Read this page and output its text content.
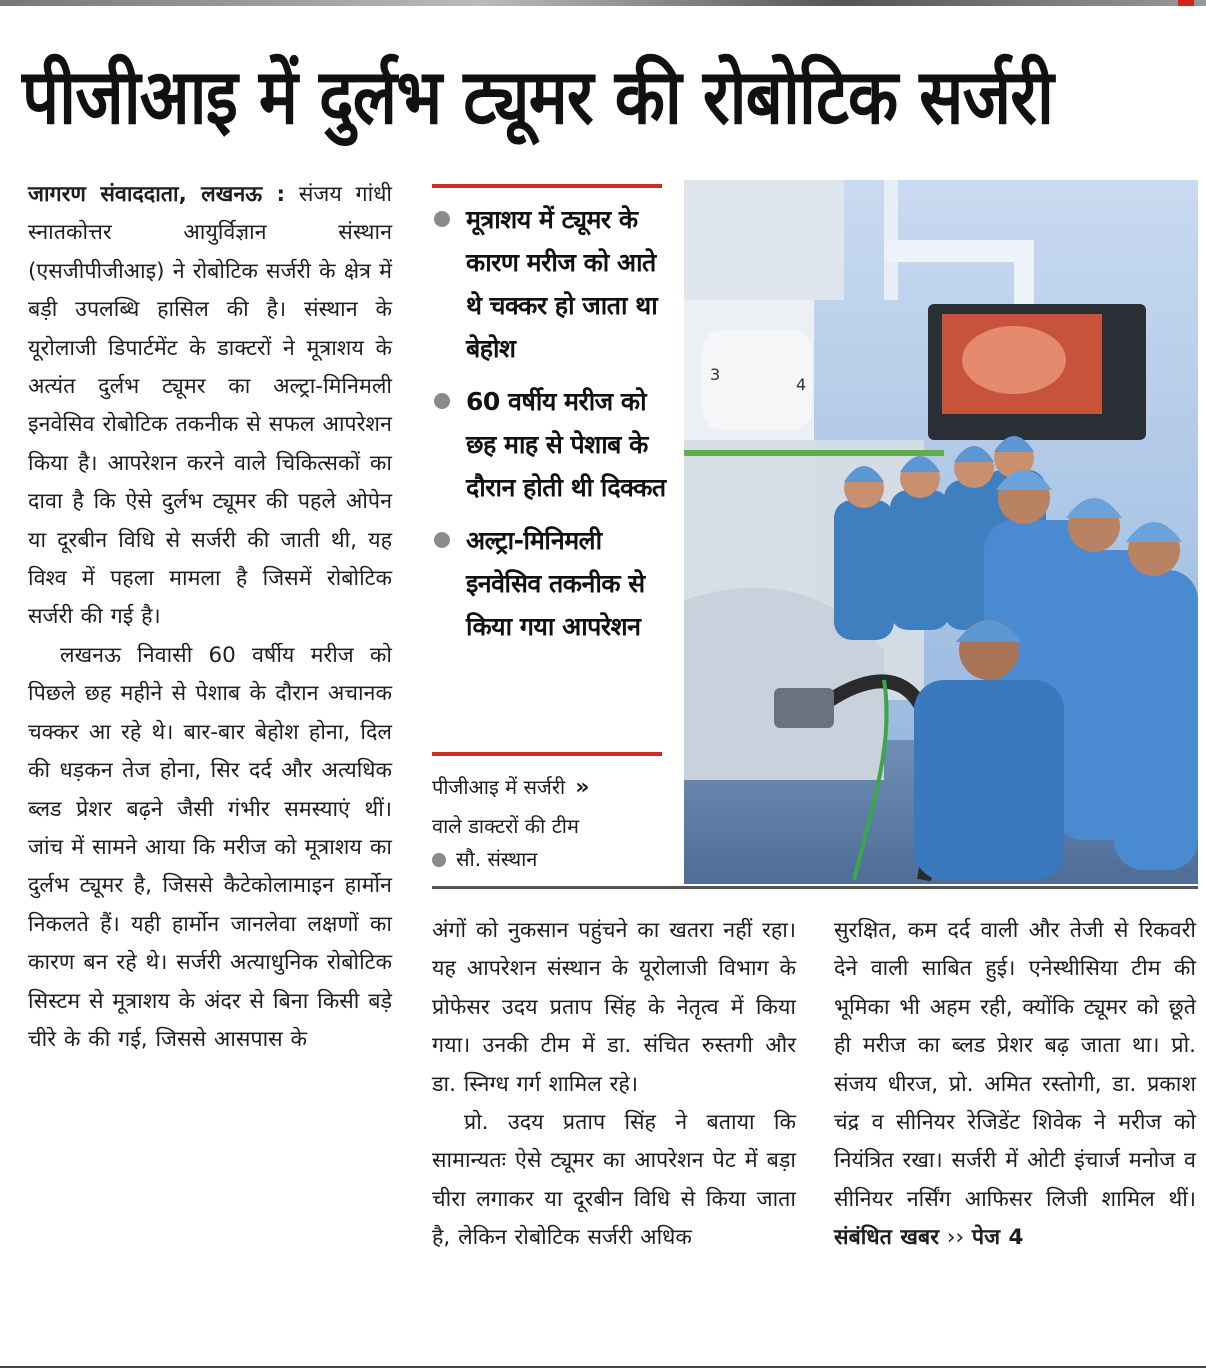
पीजीआइ में दुर्लभ ट्यूमर की रोबोटिक सर्जरी

जागरण संवाददाता, लखनऊ : संजय गांधी स्नातकोत्तर आयुर्विज्ञान संस्थान (एसजीपीजीआइ) ने रोबोटिक सर्जरी के क्षेत्र में बड़ी उपलब्धि हासिल की है। संस्थान के यूरोलाजी डिपार्टमेंट के डाक्टरों ने मूत्राशय के अत्यंत दुर्लभ ट्यूमर का अल्ट्रा-मिनिमली इनवेसिव रोबोटिक तकनीक से सफल आपरेशन किया है। आपरेशन करने वाले चिकित्सकों का दावा है कि ऐसे दुर्लभ ट्यूमर की पहले ओपेन या दूरबीन विधि से सर्जरी की जाती थी, यह विश्व में पहला मामला है जिसमें रोबोटिक सर्जरी की गई है।

लखनऊ निवासी 60 वर्षीय मरीज को पिछले छह महीने से पेशाब के दौरान अचानक चक्कर आ रहे थे। बार-बार बेहोश होना, दिल की धड़कन तेज होना, सिर दर्द और अत्यधिक ब्लड प्रेशर बढ़ने जैसी गंभीर समस्याएं थीं। जांच में सामने आया कि मरीज को मूत्राशय का दुर्लभ ट्यूमर है, जिससे कैटेकोलामाइन हार्मोन निकलते हैं। यही हार्मोन जानलेवा लक्षणों का कारण बन रहे थे। सर्जरी अत्याधुनिक रोबोटिक सिस्टम से मूत्राशय के अंदर से बिना किसी बड़े चीरे के की गई, जिससे आसपास के

मूत्राशय में ट्यूमर के कारण मरीज को आते थे चक्कर हो जाता था बेहोश
60 वर्षीय मरीज को छह माह से पेशाब के दौरान होती थी दिक्कत
अल्ट्रा-मिनिमली इनवेसिव तकनीक से किया गया आपरेशन
पीजीआइ में सर्जरी »
वाले डाक्टरों की टीम
सौ. संस्थान
3
4

अंगों को नुकसान पहुंचने का खतरा नहीं रहा। यह आपरेशन संस्थान के यूरोलाजी विभाग के प्रोफेसर उदय प्रताप सिंह के नेतृत्व में किया गया। उनकी टीम में डा. संचित रुस्तगी और डा. स्निग्ध गर्ग शामिल रहे।

प्रो. उदय प्रताप सिंह ने बताया कि सामान्यतः ऐसे ट्यूमर का आपरेशन पेट में बड़ा चीरा लगाकर या दूरबीन विधि से किया जाता है, लेकिन रोबोटिक सर्जरी अधिक

सुरक्षित, कम दर्द वाली और तेजी से रिकवरी देने वाली साबित हुई। एनेस्थीसिया टीम की भूमिका भी अहम रही, क्योंकि ट्यूमर को छूते ही मरीज का ब्लड प्रेशर बढ़ जाता था। प्रो. संजय धीरज, प्रो. अमित रस्तोगी, डा. प्रकाश चंद्र व सीनियर रेजिडेंट शिवेक ने मरीज को नियंत्रित रखा। सर्जरी में ओटी इंचार्ज मनोज व सीनियर नर्सिंग आफिसर लिजी शामिल थीं। संबंधित खबर ›› पेज 4
